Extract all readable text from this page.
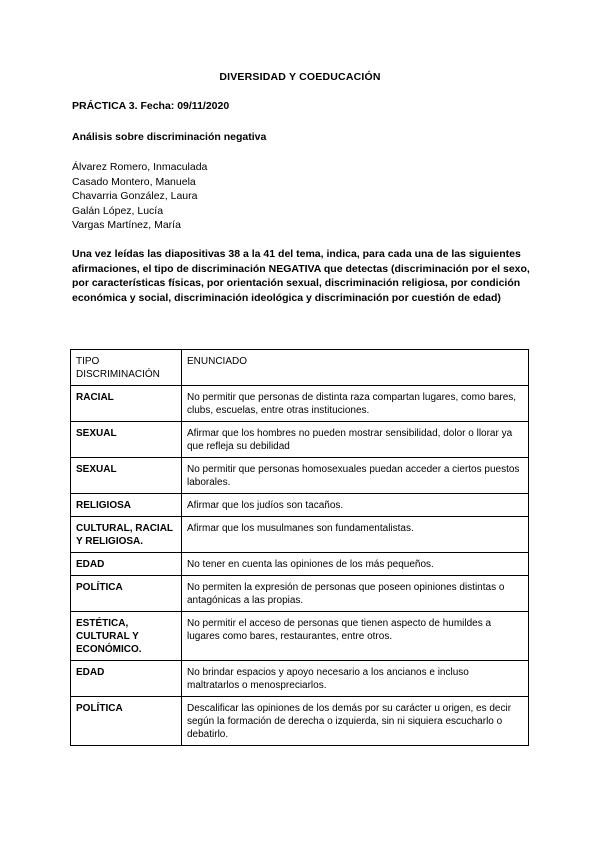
DIVERSIDAD Y COEDUCACIÓN
PRÁCTICA 3. Fecha: 09/11/2020
Análisis sobre discriminación negativa
Álvarez Romero, Inmaculada
Casado Montero, Manuela
Chavarria González, Laura
Galán López, Lucía
Vargas Martínez, María
Una vez leídas las diapositivas 38 a la 41 del tema, indica, para cada una de las siguientes afirmaciones, el tipo de discriminación NEGATIVA que detectas (discriminación por el sexo, por características físicas, por orientación sexual, discriminación religiosa, por condición económica y social, discriminación ideológica y discriminación por cuestión de edad)
TIPO DISCRIMINACIÓN	ENUNCIADO
RACIAL	No permitir que personas de distinta raza compartan lugares, como bares, clubs, escuelas, entre otras instituciones.
SEXUAL	Afirmar que los hombres no pueden mostrar sensibilidad, dolor o llorar ya que refleja su debilidad
SEXUAL	No permitir que personas homosexuales puedan acceder a ciertos puestos laborales.
RELIGIOSA	Afirmar que los judíos son tacaños.
CULTURAL, RACIAL Y RELIGIOSA.	Afirmar que los musulmanes son fundamentalistas.
EDAD	No tener en cuenta las opiniones de los más pequeños.
POLÍTICA	No permiten la expresión de personas que poseen opiniones distintas o antagónicas a las propias.
ESTÉTICA, CULTURAL Y ECONÓMICO.	No permitir el acceso de personas que tienen aspecto de humildes a lugares como bares, restaurantes, entre otros.
EDAD	No brindar espacios y apoyo necesario a los ancianos e incluso maltratarlos o menospreciarlos.
POLÍTICA	Descalificar las opiniones de los demás por su carácter u origen, es decir según la formación de derecha o izquierda, sin ni siquiera escucharlo o debatirlo.
